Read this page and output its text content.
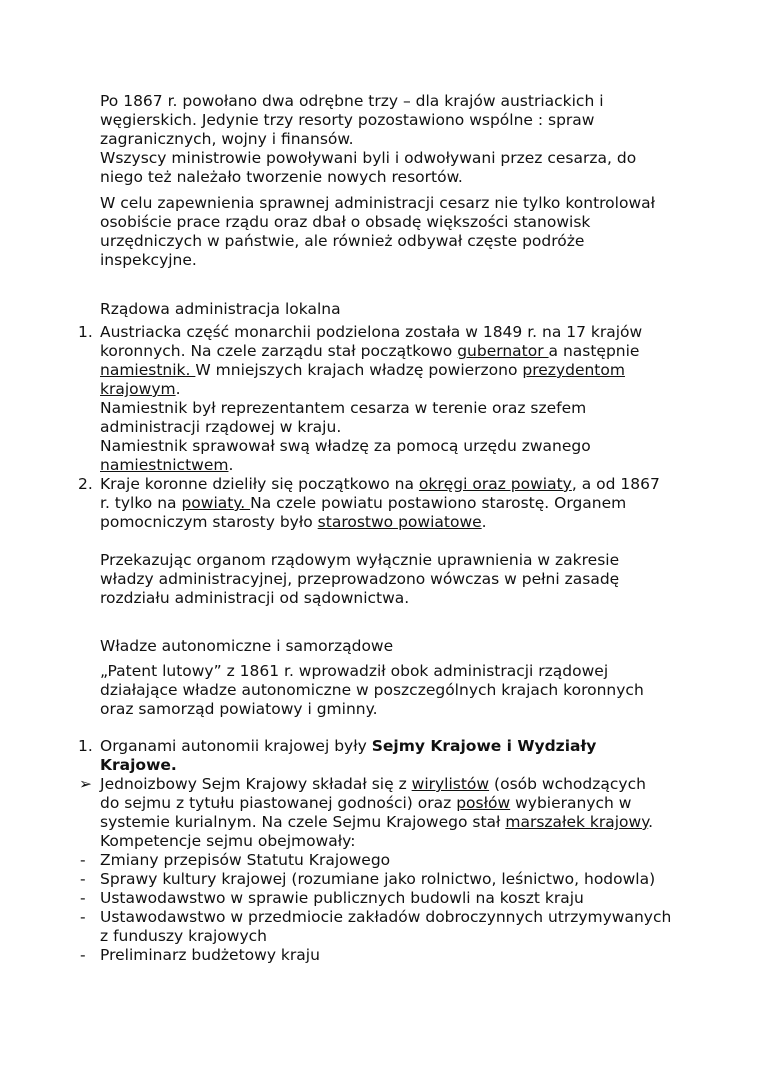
Po 1867 r. powołano dwa odrębne trzy – dla krajów austriackich i
węgierskich. Jedynie trzy resorty pozostawiono wspólne : spraw
zagranicznych, wojny i finansów.
Wszyscy ministrowie powoływani byli i odwoływani przez cesarza, do
niego też należało tworzenie nowych resortów.
W celu zapewnienia sprawnej administracji cesarz nie tylko kontrolował
osobiście prace rządu oraz dbał o obsadę większości stanowisk
urzędniczych w państwie, ale również odbywał częste podróże
inspekcyjne.
Rządowa administracja lokalna
1. Austriacka część monarchii podzielona została w 1849 r. na 17 krajów
koronnych. Na czele zarządu stał początkowo gubernator a następnie
namiestnik. W mniejszych krajach władzę powierzono prezydentom
krajowym.
Namiestnik był reprezentantem cesarza w terenie oraz szefem
administracji rządowej w kraju.
Namiestnik sprawował swą władzę za pomocą urzędu zwanego
namiestnictwem.
2. Kraje koronne dzieliły się początkowo na okręgi oraz powiaty, a od 1867
r. tylko na powiaty. Na czele powiatu postawiono starostę. Organem
pomocniczym starosty było starostwo powiatowe.
Przekazując organom rządowym wyłącznie uprawnienia w zakresie
władzy administracyjnej, przeprowadzono wówczas w pełni zasadę
rozdziału administracji od sądownictwa.
Władze autonomiczne i samorządowe
„Patent lutowy” z 1861 r. wprowadził obok administracji rządowej
działające władze autonomiczne w poszczególnych krajach koronnych
oraz samorząd powiatowy i gminny.
1. Organami autonomii krajowej były Sejmy Krajowe i Wydziały
Krajowe.
➢ Jednoizbowy Sejm Krajowy składał się z wirylistów (osób wchodzących
do sejmu z tytułu piastowanej godności) oraz posłów wybieranych w
systemie kurialnym. Na czele Sejmu Krajowego stał marszałek krajowy.
Kompetencje sejmu obejmowały:
- Zmiany przepisów Statutu Krajowego
- Sprawy kultury krajowej (rozumiane jako rolnictwo, leśnictwo, hodowla)
- Ustawodawstwo w sprawie publicznych budowli na koszt kraju
- Ustawodawstwo w przedmiocie zakładów dobroczynnych utrzymywanych
z funduszy krajowych
- Preliminarz budżetowy kraju
